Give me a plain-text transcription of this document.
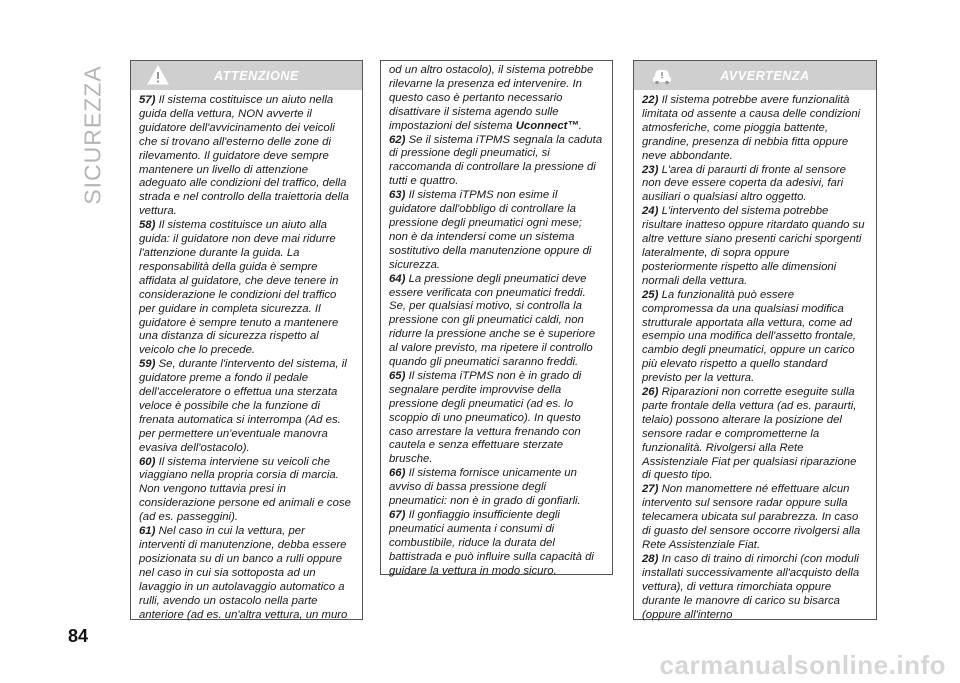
SICUREZZA	ATTENZIONE

57) Il sistema costituisce un aiuto nella guida della vettura, NON avverte il guidatore dell'avvicinamento dei veicoli che si trovano all'esterno delle zone di rilevamento. Il guidatore deve sempre mantenere un livello di attenzione adeguato alle condizioni del traffico, della strada e nel controllo della traiettoria della vettura.

58) Il sistema costituisce un aiuto alla guida: il guidatore non deve mai ridurre l'attenzione durante la guida. La responsabilità della guida è sempre affidata al guidatore, che deve tenere in considerazione le condizioni del traffico per guidare in completa sicurezza. Il guidatore è sempre tenuto a mantenere una distanza di sicurezza rispetto al veicolo che lo precede.

59) Se, durante l'intervento del sistema, il guidatore preme a fondo il pedale dell'acceleratore o effettua una sterzata veloce è possibile che la funzione di frenata automatica si interrompa (Ad es. per permettere un'eventuale manovra evasiva dell'ostacolo).

60) Il sistema interviene su veicoli che viaggiano nella propria corsia di marcia. Non vengono tuttavia presi in considerazione persone ed animali e cose (ad es. passeggini).

61) Nel caso in cui la vettura, per interventi di manutenzione, debba essere posizionata su di un banco a rulli oppure nel caso in cui sia sottoposta ad un lavaggio in un autolavaggio automatico a rulli, avendo un ostacolo nella parte anteriore (ad es. un'altra vettura, un muro

od un altro ostacolo), il sistema potrebbe rilevarne la presenza ed intervenire. In questo caso è pertanto necessario disattivare il sistema agendo sulle impostazioni del sistema Uconnect™.

62) Se il sistema iTPMS segnala la caduta di pressione degli pneumatici, si raccomanda di controllare la pressione di tutti e quattro.

63) Il sistema iTPMS non esime il guidatore dall'obbligo di controllare la pressione degli pneumatici ogni mese; non è da intendersi come un sistema sostitutivo della manutenzione oppure di sicurezza.

64) La pressione degli pneumatici deve essere verificata con pneumatici freddi. Se, per qualsiasi motivo, si controlla la pressione con gli pneumatici caldi, non ridurre la pressione anche se è superiore al valore previsto, ma ripetere il controllo quando gli pneumatici saranno freddi.

65) Il sistema iTPMS non è in grado di segnalare perdite improvvise della pressione degli pneumatici (ad es. lo scoppio di uno pneumatico). In questo caso arrestare la vettura frenando con cautela e senza effettuare sterzate brusche.

66) Il sistema fornisce unicamente un avviso di bassa pressione degli pneumatici: non è in grado di gonfiarli.

67) Il gonfiaggio insufficiente degli pneumatici aumenta i consumi di combustibile, riduce la durata del battistrada e può influire sulla capacità di guidare la vettura in modo sicuro.

AVVERTENZA

22) Il sistema potrebbe avere funzionalità limitata od assente a causa delle condizioni atmosferiche, come pioggia battente, grandine, presenza di nebbia fitta oppure neve abbondante.

23) L'area di paraurti di fronte al sensore non deve essere coperta da adesivi, fari ausiliari o qualsiasi altro oggetto.

24) L'intervento del sistema potrebbe risultare inatteso oppure ritardato quando su altre vetture siano presenti carichi sporgenti lateralmente, di sopra oppure posteriormente rispetto alle dimensioni normali della vettura.

25) La funzionalità può essere compromessa da una qualsiasi modifica strutturale apportata alla vettura, come ad esempio una modifica dell'assetto frontale, cambio degli pneumatici, oppure un carico più elevato rispetto a quello standard previsto per la vettura.

26) Riparazioni non corrette eseguite sulla parte frontale della vettura (ad es. paraurti, telaio) possono alterare la posizione del sensore radar e comprometterne la funzionalità. Rivolgersi alla Rete Assistenziale Fiat per qualsiasi riparazione di questo tipo.

27) Non manomettere né effettuare alcun intervento sul sensore radar oppure sulla telecamera ubicata sul parabrezza. In caso di guasto del sensore occorre rivolgersi alla Rete Assistenziale Fiat.

28) In caso di traino di rimorchi (con moduli installati successivamente all'acquisto della vettura), di vettura rimorchiata oppure durante le manovre di carico su bisarca (oppure all'interno

84
carmanualsonline.info
